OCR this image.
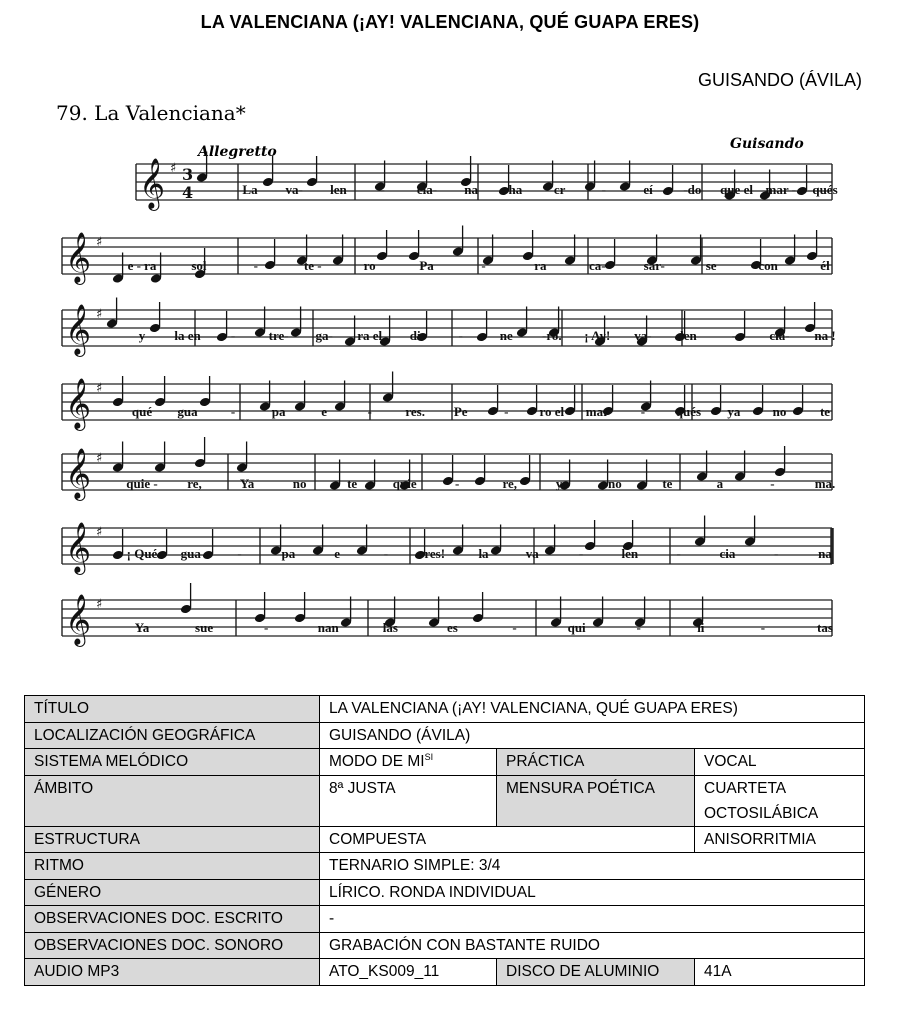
LA VALENCIANA (¡AY! VALENCIANA, QUÉ GUAPA ERES)
GUISANDO (ÁVILA)
79. La Valenciana*
Allegretto	Guisando
𝄞 ♯ 3
4	La va- len	- cia- na ha cr	-	eí -do que el mar - qués
𝄞 ♯
e - ra	sol	-	te -	ro	Pa	-	ra	ca-	sar-	se	con	él
𝄞 ♯
y la en -	tre- ga- ra el di	-	ne -ro. ¡ Ay! va- len	-	cia- na !
𝄞 ♯
qué gua	-	pa	e	-	res. Pe	- ro el mar - qués ya no	te
𝄞 ♯
quie - re,	Ya	no	te	quie	-	re,	ya	no	te	a	-	ma.
𝄞 ♯
¡ Qué gua	-	pa	e	-	res!	la	va	-	len	-	cia	-	na
𝄞 ♯
Ya	sue	-	nan	las	es	-	qui	-	li	-	tas
TÍTULO	LA VALENCIANA (¡AY! VALENCIANA, QUÉ GUAPA ERES)		
LOCALIZACIÓN GEOGRÁFICA	GUISANDO (ÁVILA)		
SISTEMA MELÓDICO	MODO DE $MI^{SI}$	PRÁCTICA	VOCAL
ÁMBITO	8ª JUSTA	MENSURA POÉTICA	CUARTETA OCTOSILÁBICA
ESTRUCTURA	COMPUESTA		ANISORRITMIA
RITMO	TERNARIO SIMPLE: 3/4		
GÉNERO	LÍRICO. RONDA INDIVIDUAL		
OBSERVACIONES DOC. ESCRITO	-		
OBSERVACIONES DOC. SONORO	GRABACIÓN CON BASTANTE RUIDO		
AUDIO MP3	ATO_KS009_11	DISCO DE ALUMINIO	41A
